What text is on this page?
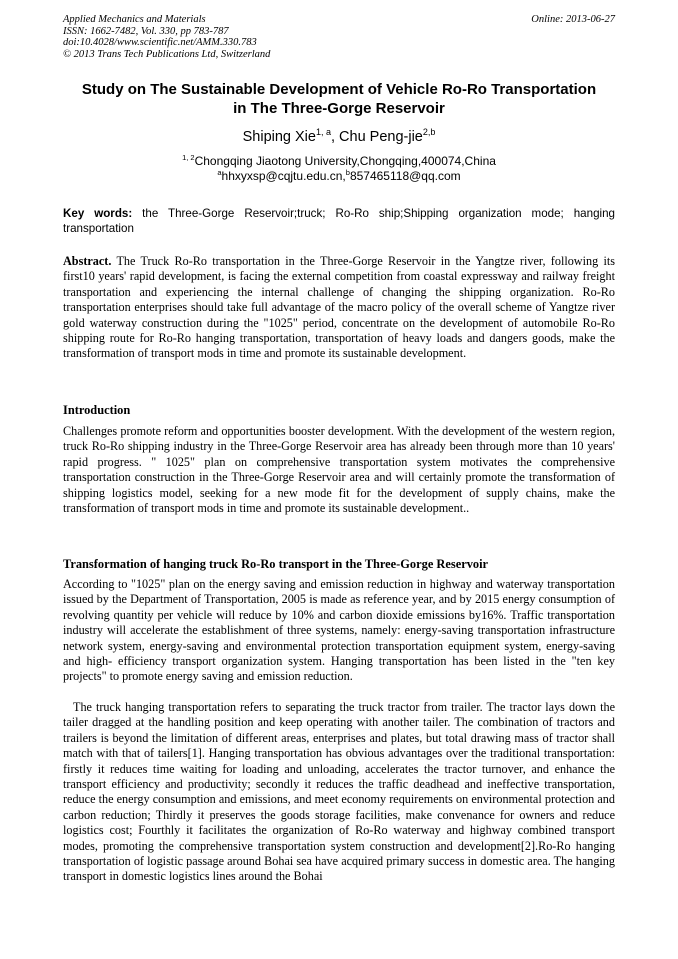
Applied Mechanics and Materials
ISSN: 1662-7482, Vol. 330, pp 783-787
doi:10.4028/www.scientific.net/AMM.330.783
© 2013 Trans Tech Publications Ltd, Switzerland
Online: 2013-06-27
Study on The Sustainable Development of Vehicle Ro-Ro Transportation
in The Three-Gorge Reservoir
Shiping Xie$^{1, a}$, Chu Peng-jie$^{2,b}$
$^{1, 2}$Chongqing Jiaotong University,Chongqing,400074,China
$^a$hhxyxsp@cqjtu.edu.cn,$^b$857465118@qq.com
Key words: the Three-Gorge Reservoir;truck; Ro-Ro ship;Shipping organization mode; hanging transportation
Abstract. The Truck Ro-Ro transportation in the Three-Gorge Reservoir in the Yangtze river, following its first10 years' rapid development, is facing the external competition from coastal expressway and railway freight transportation and experiencing the internal challenge of changing the shipping organization. Ro-Ro transportation enterprises should take full advantage of the macro policy of the overall scheme of Yangtze river gold waterway construction during the "1025" period, concentrate on the development of automobile Ro-Ro shipping route for Ro-Ro hanging transportation, transportation of heavy loads and dangers goods, make the transformation of transport mods in time and promote its sustainable development.
Introduction
Challenges promote reform and opportunities booster development. With the development of the western region, truck Ro-Ro shipping industry in the Three-Gorge Reservoir area has already been through more than 10 years' rapid progress. " 1025" plan on comprehensive transportation system motivates the comprehensive transportation construction in the Three-Gorge Reservoir area and will certainly promote the transformation of shipping logistics model, seeking for a new mode fit for the development of supply chains, make the transformation of transport mods in time and promote its sustainable development..
Transformation of hanging truck Ro-Ro transport in the Three-Gorge Reservoir
According to "1025" plan on the energy saving and emission reduction in highway and waterway transportation issued by the Department of Transportation, 2005 is made as reference year, and by 2015 energy consumption of revolving quantity per vehicle will reduce by 10% and carbon dioxide emissions by16%. Traffic transportation industry will accelerate the establishment of three systems, namely: energy-saving transportation infrastructure network system, energy-saving and environmental protection transportation equipment system, energy-saving and high- efficiency transport organization system. Hanging transportation has been listed in the "ten key projects" to promote energy saving and emission reduction.
The truck hanging transportation refers to separating the truck tractor from trailer. The tractor lays down the tailer dragged at the handling position and keep operating with another tailer. The combination of tractors and trailers is beyond the limitation of different areas, enterprises and plates, but total drawing mass of tractor shall match with that of tailers[1]. Hanging transportation has obvious advantages over the traditional transportation: firstly it reduces time waiting for loading and unloading, accelerates the tractor turnover, and enhance the transport efficiency and productivity; secondly it reduces the traffic deadhead and ineffective transportation, reduce the energy consumption and emissions, and meet economy requirements on environmental protection and carbon reduction; Thirdly it preserves the goods storage facilities, make convenance for owners and reduce logistics cost; Fourthly it facilitates the organization of Ro-Ro waterway and highway combined transport modes, promoting the comprehensive transportation system construction and development[2].Ro-Ro hanging transportation of logistic passage around Bohai sea have acquired primary success in domestic area. The hanging transport in domestic logistics lines around the Bohai
